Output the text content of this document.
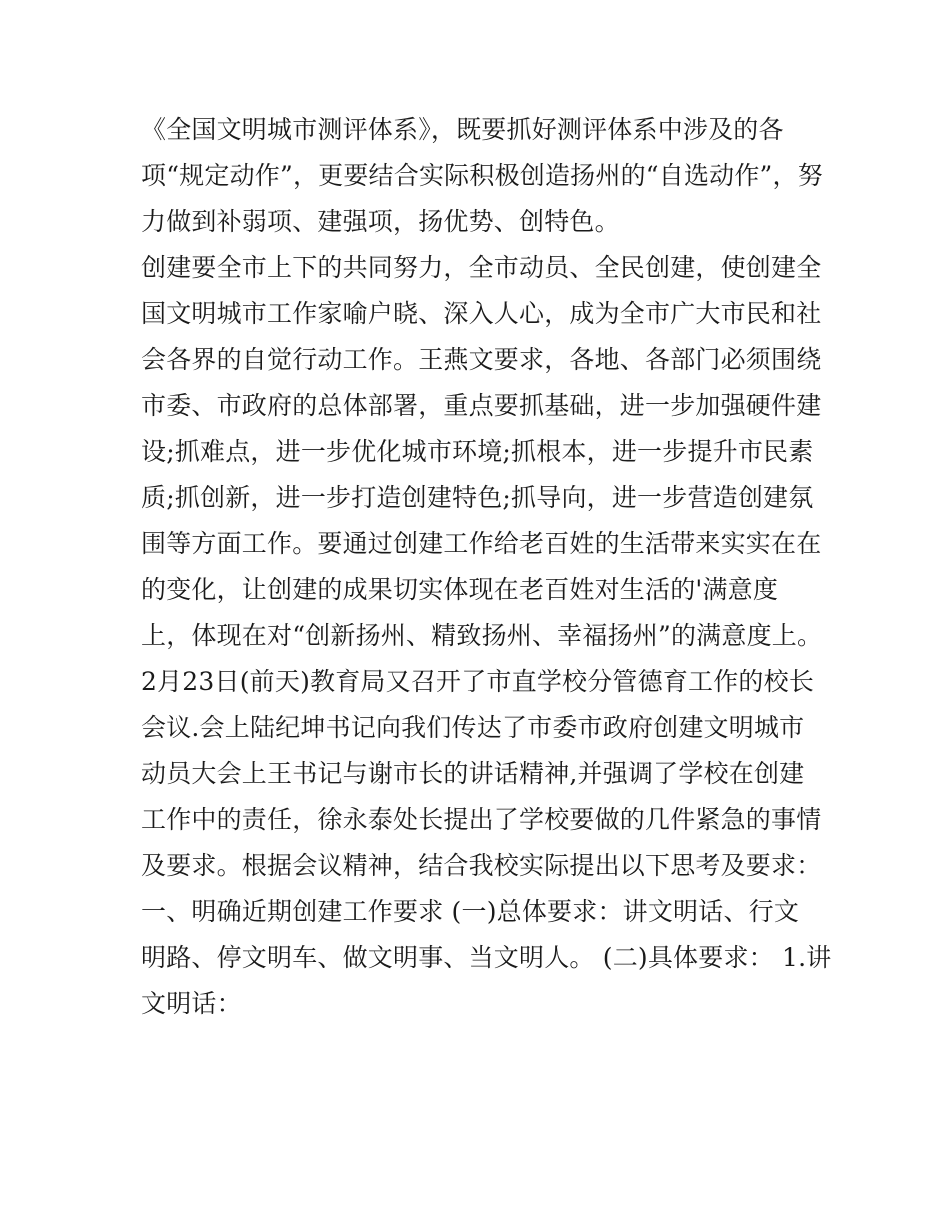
《全国文明城市测评体系》，既要抓好测评体系中涉及的各
项“规定动作”，更要结合实际积极创造扬州的“自选动作”，努
力做到补弱项、建强项，扬优势、创特色。
创建要全市上下的共同努力，全市动员、全民创建，使创建全
国文明城市工作家喻户晓、深入人心，成为全市广大市民和社
会各界的自觉行动工作。王燕文要求，各地、各部门必须围绕
市委、市政府的总体部署，重点要抓基础，进一步加强硬件建
设;抓难点，进一步优化城市环境;抓根本，进一步提升市民素
质;抓创新，进一步打造创建特色;抓导向，进一步营造创建氛
围等方面工作。要通过创建工作给老百姓的生活带来实实在在
的变化，让创建的成果切实体现在老百姓对生活的'满意度
上，体现在对“创新扬州、精致扬州、幸福扬州”的满意度上。
2月23日(前天)教育局又召开了市直学校分管德育工作的校长
会议.会上陆纪坤书记向我们传达了市委市政府创建文明城市
动员大会上王书记与谢市长的讲话精神,并强调了学校在创建
工作中的责任，徐永泰处长提出了学校要做的几件紧急的事情
及要求。根据会议精神，结合我校实际提出以下思考及要求：
一、明确近期创建工作要求 (一)总体要求：讲文明话、行文
明路、停文明车、做文明事、当文明人。 (二)具体要求： 1.讲
文明话：
